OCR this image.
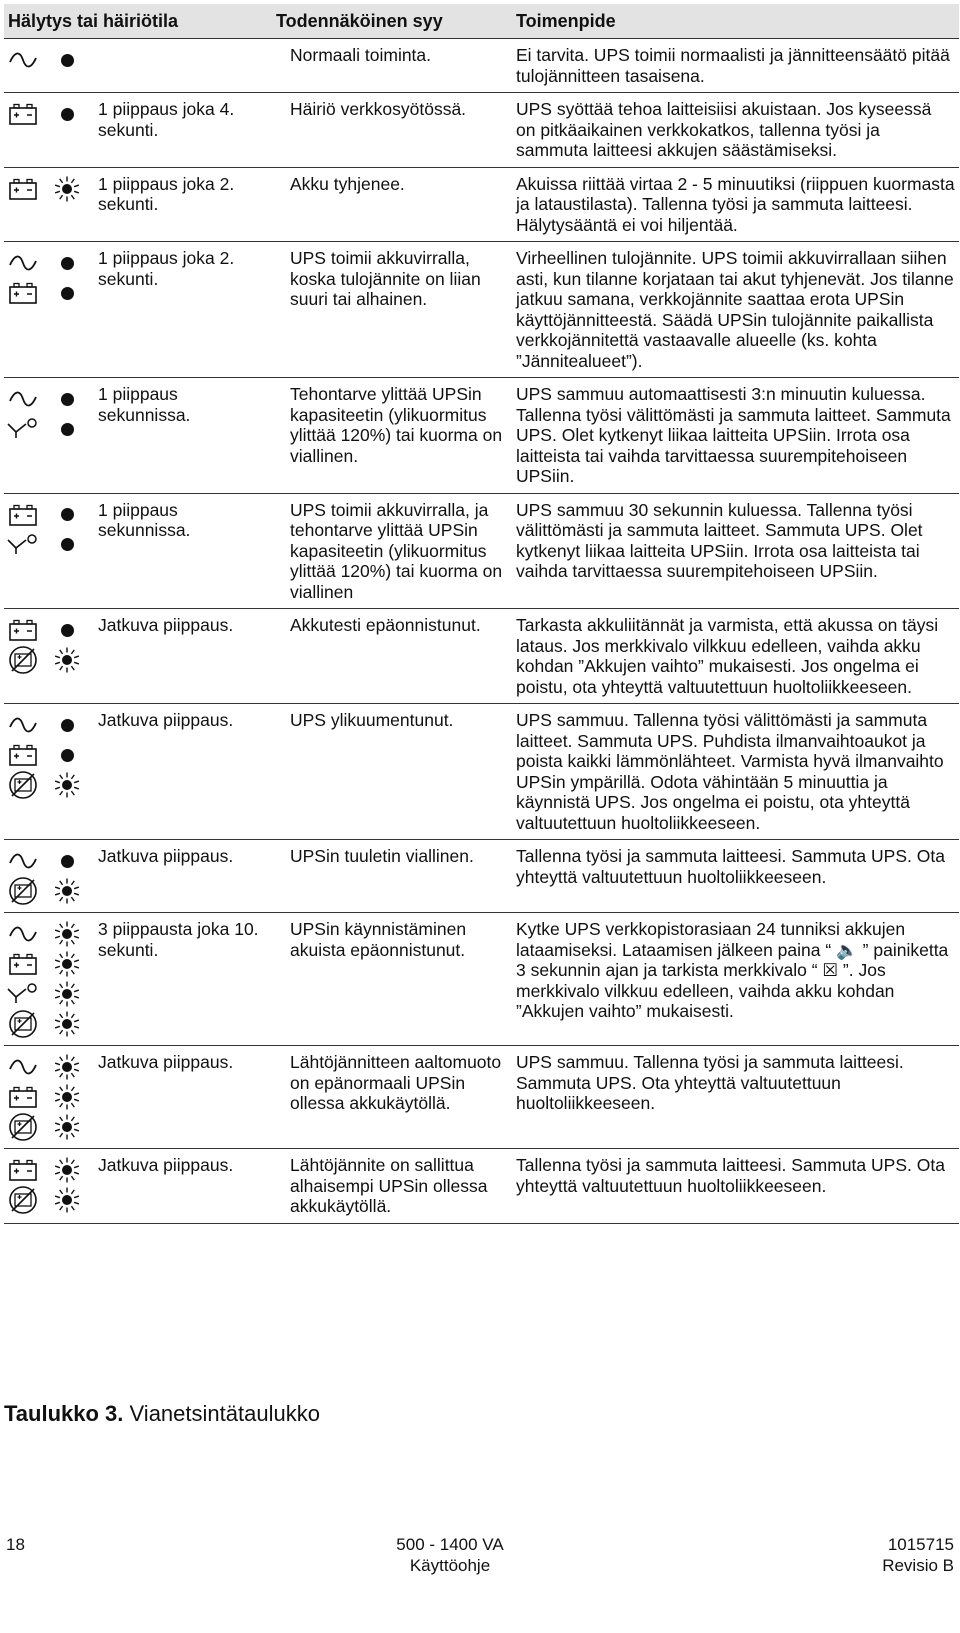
Hälytys tai häiriötila		Todennäköinen syy	Toimenpide

		Normaali toiminta.	Ei tarvita. UPS toimii normaalisti ja jännitteensäätö pitää tulojännitteen tasaisena.

	1 piippaus joka 4. sekunti.	Häiriö verkkosyötössä.	UPS syöttää tehoa laitteisiisi akuistaan. Jos kyseessä on pitkäaikainen verkkokatkos, tallenna työsi ja sammuta laitteesi akkujen säästämiseksi.

	1 piippaus joka 2. sekunti.	Akku tyhjenee.	Akuissa riittää virtaa 2 - 5 minuutiksi (riippuen kuormasta ja lataustilasta). Tallenna työsi ja sammuta laitteesi. Hälytysääntä ei voi hiljentää.

	1 piippaus joka 2. sekunti.	UPS toimii akkuvirralla, koska tulojännite on liian suuri tai alhainen.	Virheellinen tulojännite. UPS toimii akkuvirrallaan siihen asti, kun tilanne korjataan tai akut tyhjenevät. Jos tilanne jatkuu samana, verkkojännite saattaa erota UPSin käyttöjännitteestä. Säädä UPSin tulojännite paikallista verkkojännitettä vastaavalle alueelle (ks. kohta ”Jännitealueet”).

	1 piippaus sekunnissa.	Tehontarve ylittää UPSin kapasiteetin (ylikuormitus ylittää 120%) tai kuorma on viallinen.	UPS sammuu automaattisesti 3:n minuutin kuluessa. Tallenna työsi välittömästi ja sammuta laitteet. Sammuta UPS. Olet kytkenyt liikaa laitteita UPSiin. Irrota osa laitteista tai vaihda tarvittaessa suurempitehoiseen UPSiin.

	1 piippaus sekunnissa.	UPS toimii akkuvirralla, ja tehontarve ylittää UPSin kapasiteetin (ylikuormitus ylittää 120%) tai kuorma on viallinen	UPS sammuu 30 sekunnin kuluessa. Tallenna työsi välittömästi ja sammuta laitteet. Sammuta UPS. Olet kytkenyt liikaa laitteita UPSiin. Irrota osa laitteista tai vaihda tarvittaessa suurempitehoiseen UPSiin.

	Jatkuva piippaus.	Akkutesti epäonnistunut.	Tarkasta akkuliitännät ja varmista, että akussa on täysi lataus. Jos merkkivalo vilkkuu edelleen, vaihda akku kohdan ”Akkujen vaihto” mukaisesti. Jos ongelma ei poistu, ota yhteyttä valtuutettuun huoltoliikkeeseen.

	Jatkuva piippaus.	UPS ylikuumentunut.	UPS sammuu. Tallenna työsi välittömästi ja sammuta laitteet. Sammuta UPS. Puhdista ilmanvaihtoaukot ja poista kaikki lämmönlähteet. Varmista hyvä ilmanvaihto UPSin ympärillä. Odota vähintään 5 minuuttia ja käynnistä UPS. Jos ongelma ei poistu, ota yhteyttä valtuutettuun huoltoliikkeeseen.

	Jatkuva piippaus.	UPSin tuuletin viallinen.	Tallenna työsi ja sammuta laitteesi. Sammuta UPS. Ota yhteyttä valtuutettuun huoltoliikkeeseen.

	3 piippausta joka 10. sekunti.	UPSin käynnistäminen akuista epäonnistunut.	Kytke UPS verkkopistorasiaan 24 tunniksi akkujen lataamiseksi. Lataamisen jälkeen paina “ 🔈 ” painiketta 3 sekunnin ajan ja tarkista merkkivalo “ ☒ ”. Jos merkkivalo vilkkuu edelleen, vaihda akku kohdan ”Akkujen vaihto” mukaisesti.

	Jatkuva piippaus.	Lähtöjännitteen aaltomuoto on epänormaali UPSin ollessa akkukäytöllä.	UPS sammuu. Tallenna työsi ja sammuta laitteesi. Sammuta UPS. Ota yhteyttä valtuutettuun huoltoliikkeeseen.

	Jatkuva piippaus.	Lähtöjännite on sallittua alhaisempi UPSin ollessa akkukäytöllä.	Tallenna työsi ja sammuta laitteesi. Sammuta UPS. Ota yhteyttä valtuutettuun huoltoliikkeeseen.
Taulukko 3. Vianetsintätaulukko
18	500 - 1400 VA
Käyttöohje
1015715
Revisio B
